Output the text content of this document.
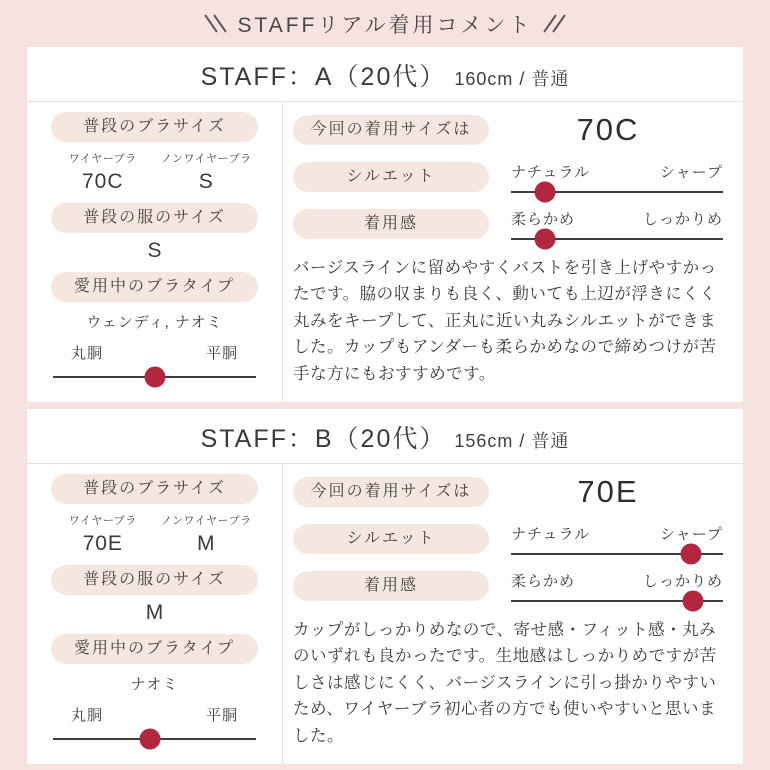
STAFFリアル着用コメント
STAFF：A（20代） 160cm / 普通
普段のブラサイズ
ワイヤーブラ
70C
ノンワイヤーブラ
S
普段の服のサイズ
S
愛用中のブラタイプ
ウェンディ, ナオミ
丸胴	平胴
今回の着用サイズは	70C
シルエット	ナチュラル	シャープ
着用感	柔らかめ	しっかりめ

バージスラインに留めやすくバストを引き上げやすかったです。脇の収まりも良く、動いても上辺が浮きにくく丸みをキープして、正丸に近い丸みシルエットができました。カップもアンダーも柔らかめなので締めつけが苦手な方にもおすすめです。

STAFF：B（20代） 156cm / 普通
普段のブラサイズ
ワイヤーブラ
70E
ノンワイヤーブラ
M
普段の服のサイズ
M
愛用中のブラタイプ
ナオミ
丸胴	平胴
今回の着用サイズは	70E
シルエット	ナチュラル	シャープ
着用感	柔らかめ	しっかりめ

カップがしっかりめなので、寄せ感・フィット感・丸みのいずれも良かったです。生地感はしっかりめですが苦しさは感じにくく、バージスラインに引っ掛かりやすいため、ワイヤーブラ初心者の方でも使いやすいと思いました。
